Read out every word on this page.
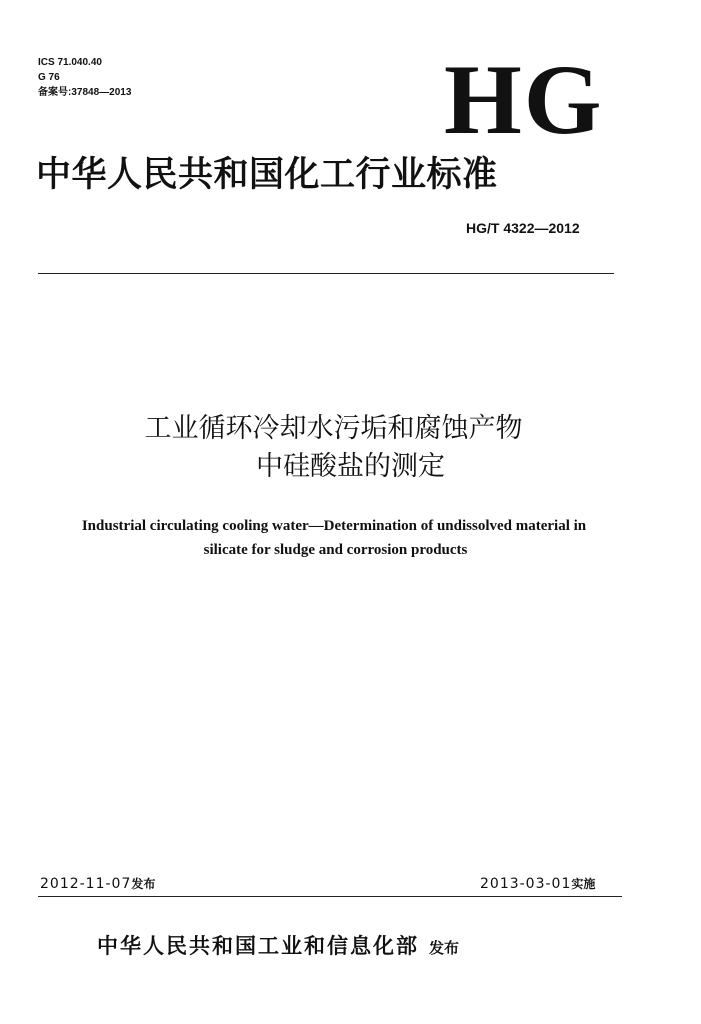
ICS 71.040.40
G 76
备案号:37848—2013	HG
中华人民共和国化工行业标准
HG/T 4322—2012
工业循环冷却水污垢和腐蚀产物
中硅酸盐的测定
Industrial circulating cooling water—Determination of undissolved material in
silicate for sludge and corrosion products
2012-11-07发布	2013-03-01实施
中华人民共和国工业和信息化部 发布
